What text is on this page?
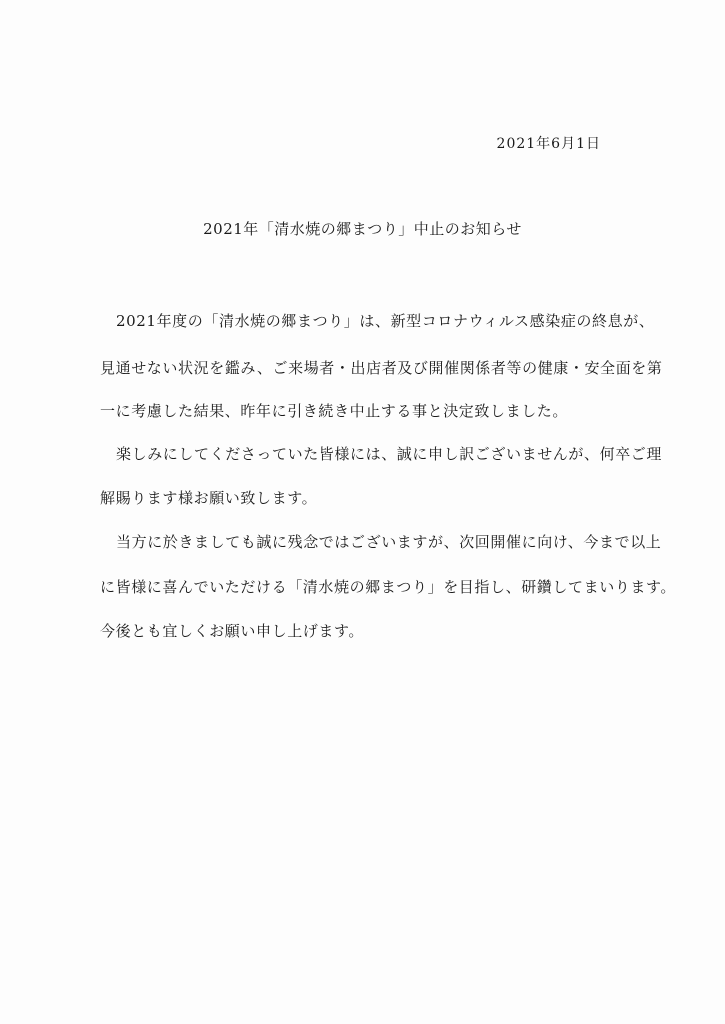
2021年6月1日
2021年「清水焼の郷まつり」中止のお知らせ
2021年度の「清水焼の郷まつり」は、新型コロナウィルス感染症の終息が、
見通せない状況を鑑み、ご来場者・出店者及び開催関係者等の健康・安全面を第
一に考慮した結果、昨年に引き続き中止する事と決定致しました。
楽しみにしてくださっていた皆様には、誠に申し訳ございませんが、何卒ご理
解賜ります様お願い致します。
当方に於きましても誠に残念ではございますが、次回開催に向け、今まで以上
に皆様に喜んでいただける「清水焼の郷まつり」を目指し、研鑽してまいります。
今後とも宜しくお願い申し上げます。
